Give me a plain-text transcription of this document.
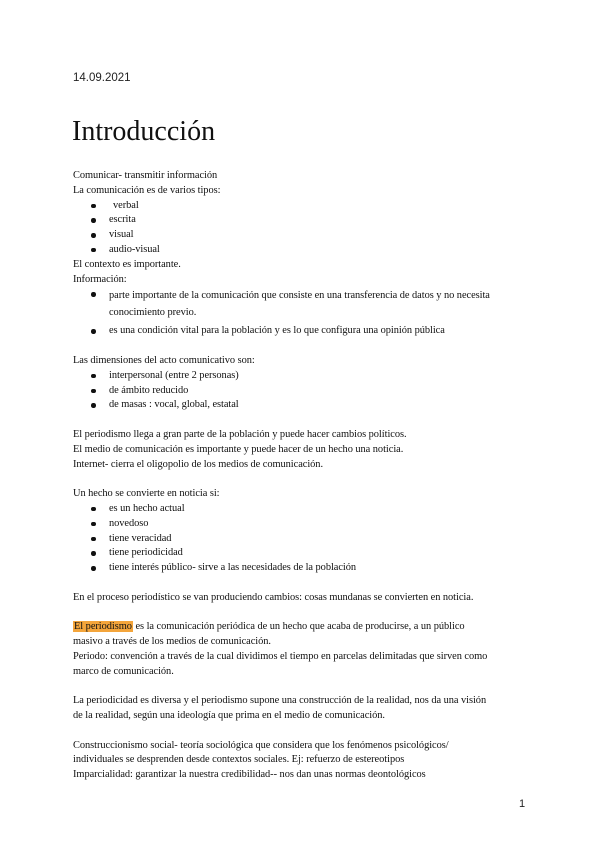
14.09.2021
Introducción

Comunicar- transmitir información

La comunicación es de varios tipos:

verbal
escrita
visual
audio-visual

El contexto es importante.

Información:

parte importante de la comunicación que consiste en una transferencia de datos y no necesita conocimiento previo.
es una condición vital para la población y es lo que configura una opinión pública

Las dimensiones del acto comunicativo son:

interpersonal (entre 2 personas)
de ámbito reducido
de masas : vocal, global, estatal

El periodismo llega a gran parte de la población y puede hacer cambios políticos.

El medio de comunicación es importante y puede hacer de un hecho una noticia.

Internet- cierra el oligopolio de los medios de comunicación.

Un hecho se convierte en noticia si:

es un hecho actual
novedoso
tiene veracidad
tiene periodicidad
tiene interés público- sirve a las necesidades de la población

En el proceso periodístico se van produciendo cambios: cosas mundanas se convierten en noticia.

El periodismo es la comunicación periódica de un hecho que acaba de producirse, a un público

masivo a través de los medios de comunicación.

Periodo: convención a través de la cual dividimos el tiempo en parcelas delimitadas que sirven como

marco de comunicación.

La periodicidad es diversa y el periodismo supone una construcción de la realidad, nos da una visión

de la realidad, según una ideología que prima en el medio de comunicación.

Construccionismo social- teoría sociológica que considera que los fenómenos psicológicos/

individuales se desprenden desde contextos sociales. Ej: refuerzo de estereotipos

Imparcialidad: garantizar la nuestra credibilidad-- nos dan unas normas deontológicos

1
